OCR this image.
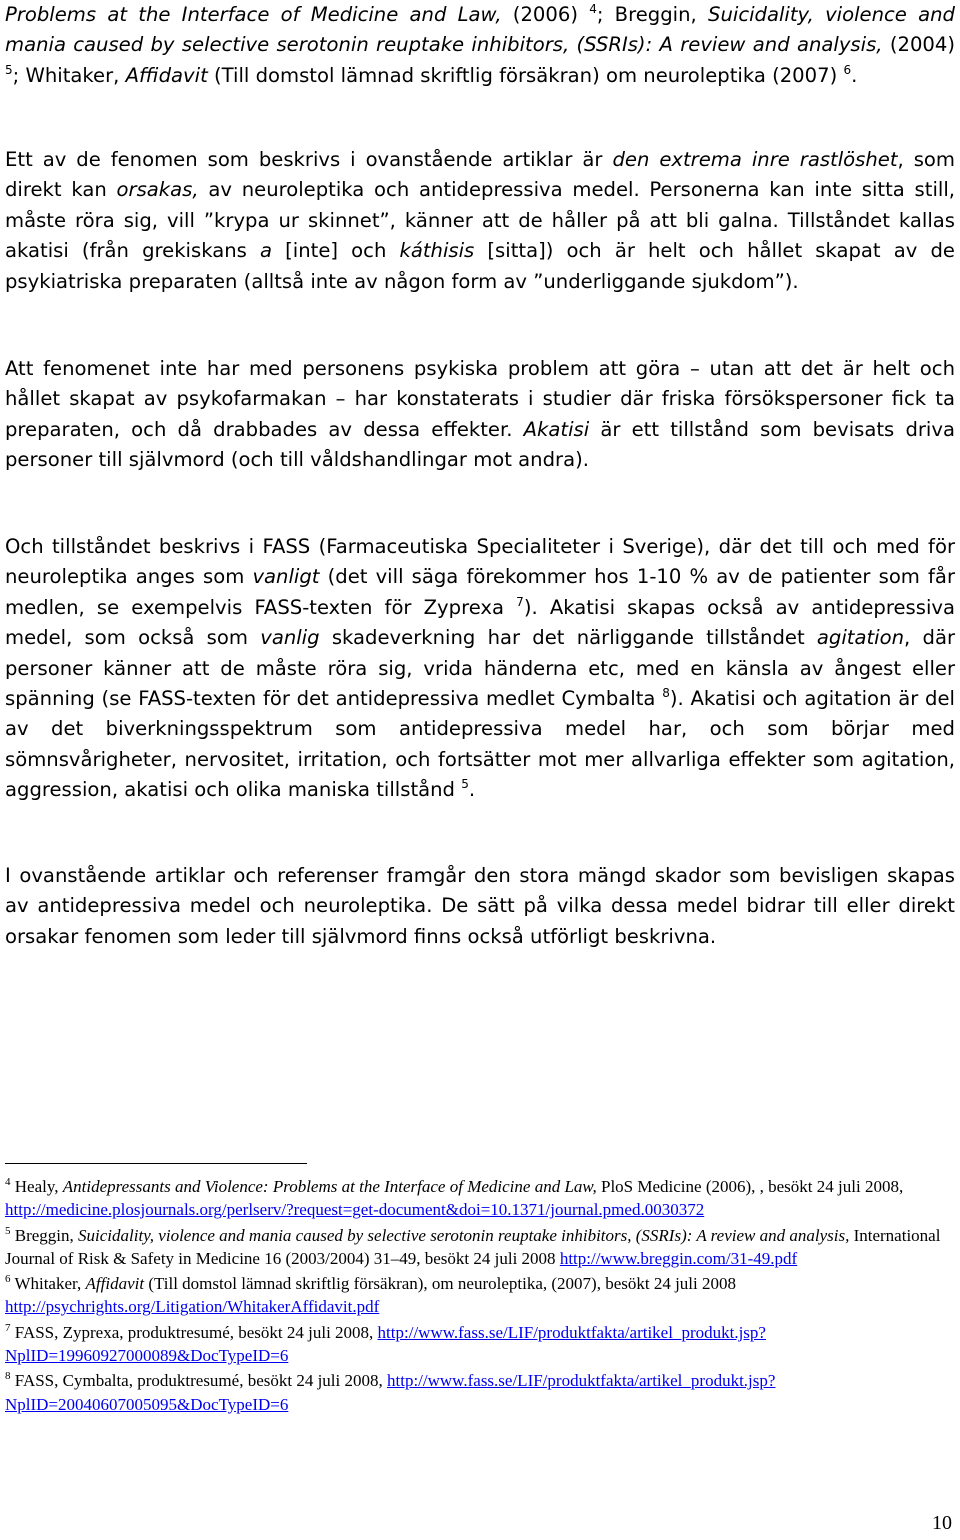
Problems at the Interface of Medicine and Law, (2006) $^4$; Breggin, Suicidality, violence and mania caused by selective serotonin reuptake inhibitors, (SSRIs): A review and analysis, (2004) $^5$; Whitaker, Affidavit (Till domstol lämnad skriftlig försäkran) om neuroleptika (2007) $^6$.

Ett av de fenomen som beskrivs i ovanstående artiklar är den extrema inre rastlöshet, som direkt kan orsakas, av neuroleptika och antidepressiva medel. Personerna kan inte sitta still, måste röra sig, vill ”krypa ur skinnet”, känner att de håller på att bli galna. Tillståndet kallas akatisi (från grekiskans a [inte] och káthisis [sitta]) och är helt och hållet skapat av de psykiatriska preparaten (alltså inte av någon form av ”underliggande sjukdom”).

Att fenomenet inte har med personens psykiska problem att göra – utan att det är helt och hållet skapat av psykofarmakan – har konstaterats i studier där friska försökspersoner fick ta preparaten, och då drabbades av dessa effekter. Akatisi är ett tillstånd som bevisats driva personer till självmord (och till våldshandlingar mot andra).

Och tillståndet beskrivs i FASS (Farmaceutiska Specialiteter i Sverige), där det till och med för neuroleptika anges som vanligt (det vill säga förekommer hos 1-10 % av de patienter som får medlen, se exempelvis FASS-texten för Zyprexa $^7$). Akatisi skapas också av antidepressiva medel, som också som vanlig skadeverkning har det närliggande tillståndet agitation, där personer känner att de måste röra sig, vrida händerna etc, med en känsla av ångest eller spänning (se FASS-texten för det antidepressiva medlet Cymbalta $^8$). Akatisi och agitation är del av det biverkningsspektrum som antidepressiva medel har, och som börjar med sömnsvårigheter, nervositet, irritation, och fortsätter mot mer allvarliga effekter som agitation, aggression, akatisi och olika maniska tillstånd $^5$.

I ovanstående artiklar och referenser framgår den stora mängd skador som bevisligen skapas av antidepressiva medel och neuroleptika. De sätt på vilka dessa medel bidrar till eller direkt orsakar fenomen som leder till självmord finns också utförligt beskrivna.

$^4$ Healy, Antidepressants and Violence: Problems at the Interface of Medicine and Law, PloS Medicine (2006), , besökt 24 juli 2008, http://medicine.plosjournals.org/perlserv/?request=get-document&doi=10.1371/journal.pmed.0030372

$^5$ Breggin, Suicidality, violence and mania caused by selective serotonin reuptake inhibitors, (SSRIs): A review and analysis, International Journal of Risk & Safety in Medicine 16 (2003/2004) 31–49, besökt 24 juli 2008 http://www.breggin.com/31-49.pdf

$^6$ Whitaker, Affidavit (Till domstol lämnad skriftlig försäkran), om neuroleptika, (2007), besökt 24 juli 2008 http://psychrights.org/Litigation/WhitakerAffidavit.pdf

$^7$ FASS, Zyprexa, produktresumé, besökt 24 juli 2008, http://www.fass.se/LIF/produktfakta/artikel_produkt.jsp?NplID=19960927000089&DocTypeID=6

$^8$ FASS, Cymbalta, produktresumé, besökt 24 juli 2008, http://www.fass.se/LIF/produktfakta/artikel_produkt.jsp?NplID=20040607005095&DocTypeID=6

10
